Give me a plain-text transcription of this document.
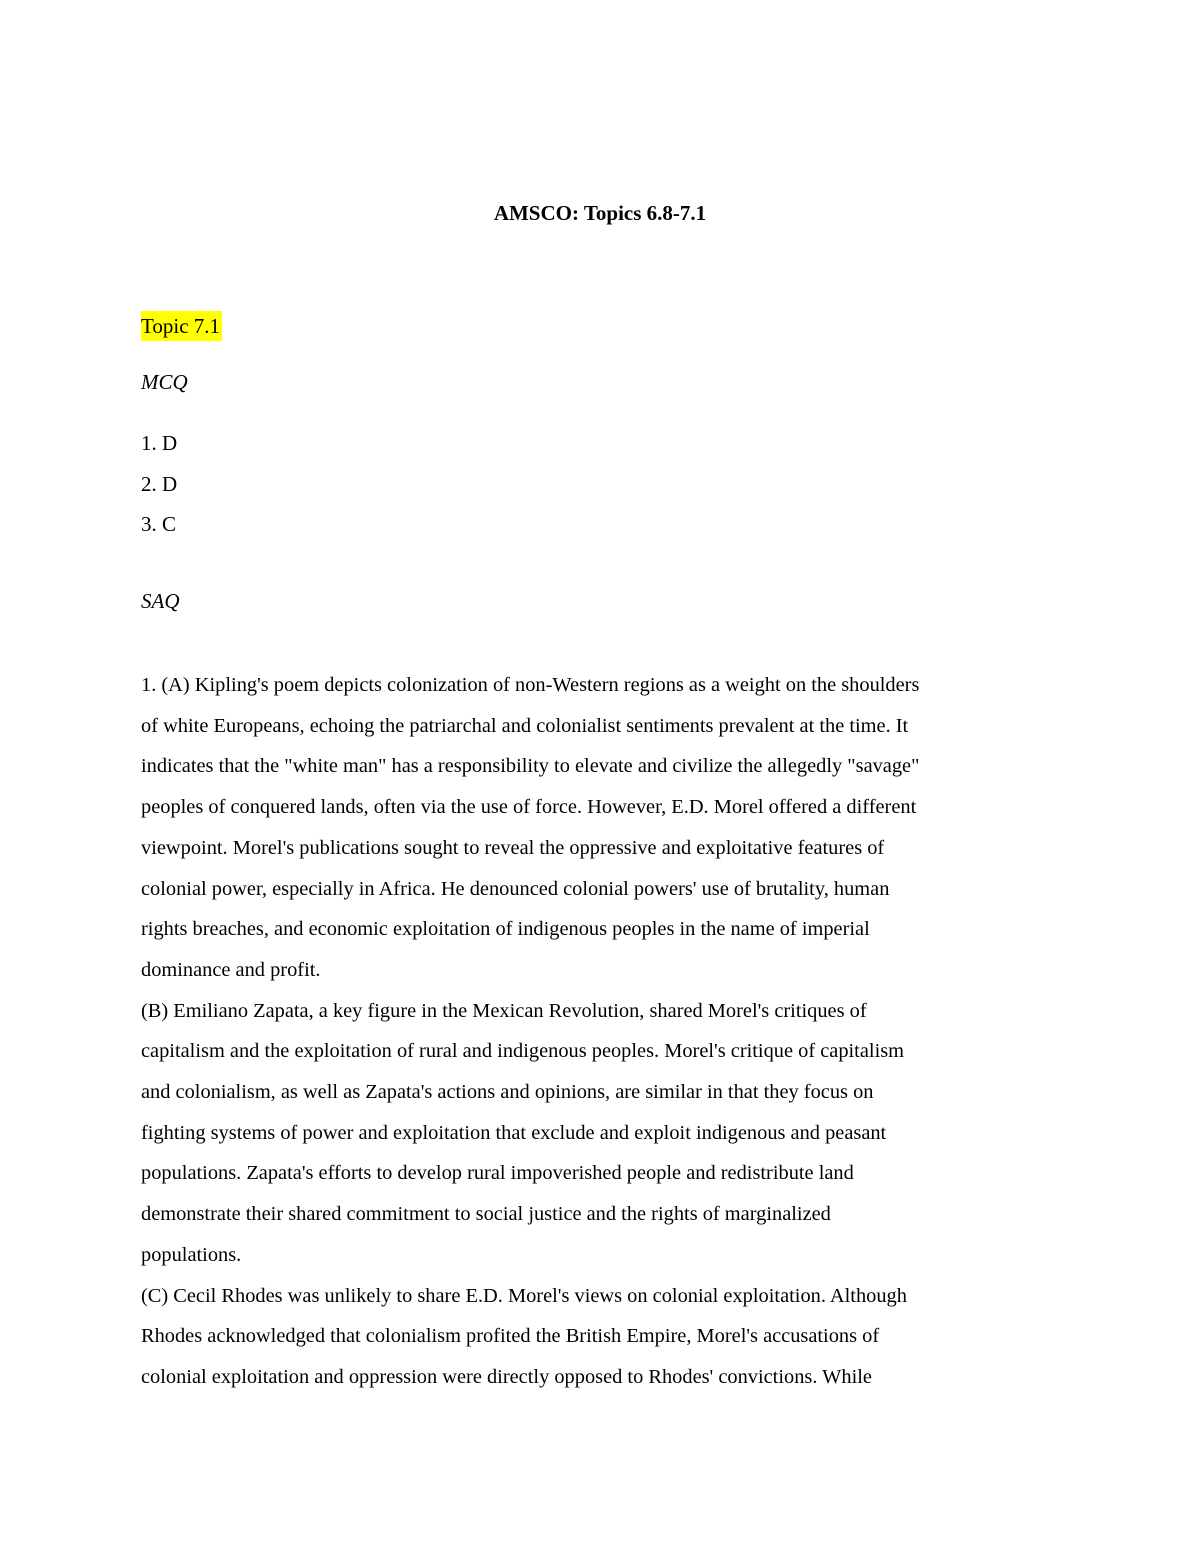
AMSCO: Topics 6.8-7.1
Topic 7.1
MCQ
1. D
2. D
3. C
SAQ
1. (A) Kipling's poem depicts colonization of non-Western regions as a weight on the shoulders
of white Europeans, echoing the patriarchal and colonialist sentiments prevalent at the time. It
indicates that the "white man" has a responsibility to elevate and civilize the allegedly "savage"
peoples of conquered lands, often via the use of force. However, E.D. Morel offered a different
viewpoint. Morel's publications sought to reveal the oppressive and exploitative features of
colonial power, especially in Africa. He denounced colonial powers' use of brutality, human
rights breaches, and economic exploitation of indigenous peoples in the name of imperial
dominance and profit.
(B) Emiliano Zapata, a key figure in the Mexican Revolution, shared Morel's critiques of
capitalism and the exploitation of rural and indigenous peoples. Morel's critique of capitalism
and colonialism, as well as Zapata's actions and opinions, are similar in that they focus on
fighting systems of power and exploitation that exclude and exploit indigenous and peasant
populations. Zapata's efforts to develop rural impoverished people and redistribute land
demonstrate their shared commitment to social justice and the rights of marginalized
populations.
(C) Cecil Rhodes was unlikely to share E.D. Morel's views on colonial exploitation. Although
Rhodes acknowledged that colonialism profited the British Empire, Morel's accusations of
colonial exploitation and oppression were directly opposed to Rhodes' convictions. While
